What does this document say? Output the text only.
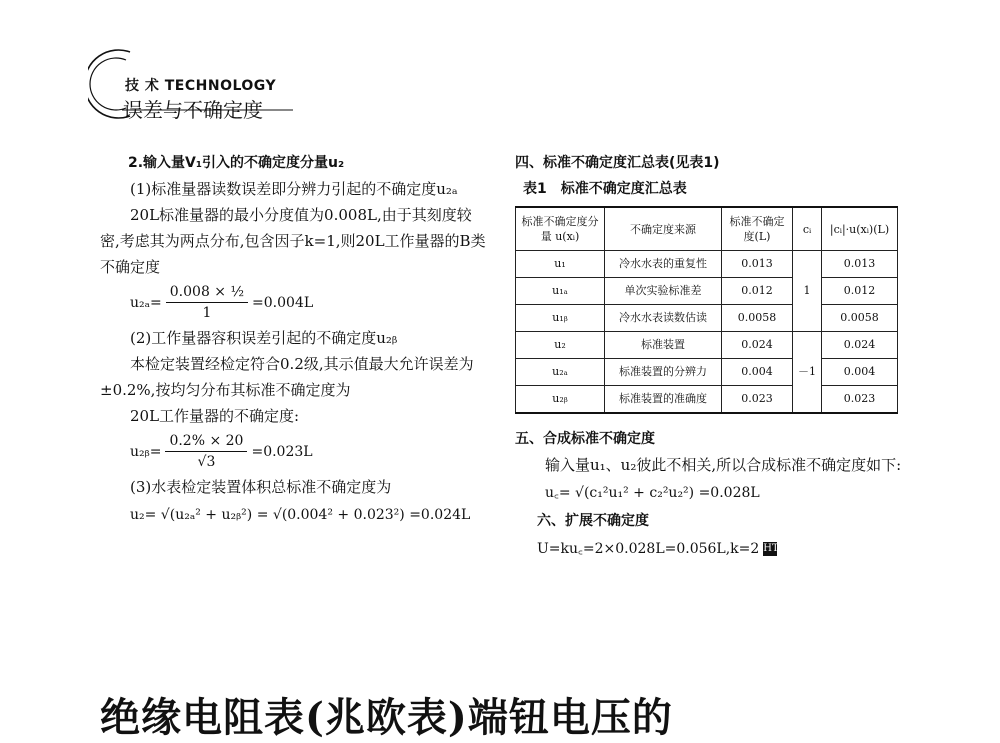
技 术 TECHNOLOGY
误差与不确定度

2.输入量V₁引入的不确定度分量u₂

(1)标准量器读数误差即分辨力引起的不确定度u₂ₐ

20L标准量器的最小分度值为0.008L,由于其刻度较密,考虑其为两点分布,包含因子k=1,则20L工作量器的B类不确定度

$u_{2a}= \frac{\text{0.008 × ½}}{1} =0.004L$

(2)工作量器容积误差引起的不确定度u₂ᵦ

本检定装置经检定符合0.2级,其示值最大允许误差为±0.2%,按均匀分布其标准不确定度为

20L工作量器的不确定度:

u₂ᵦ= $\frac{0.2\% \times 20}{√3} =0.023L$

(3)水表检定装置体积总标准不确定度为

u₂= √(u₂ₐ² + u₂ᵦ²) = √(0.004² + 0.023²) =0.024L

四、标准不确定度汇总表(见表1)

表1　标准不确定度汇总表

标准不确定度分量 u(xᵢ)	不确定度来源	标准不确定度(L)	cᵢ	|cᵢ|·u(xᵢ)(L)
u₁	冷水水表的重复性	0.013	1	0.013
u₁ₐ	单次实验标准差	0.012		0.012
u₁ᵦ	冷水水表读数估读	0.0058		0.0058
u₂	标准装置	0.024	－1	0.024
u₂ₐ	标准装置的分辨力	0.004		0.004
u₂ᵦ	标准装置的准确度	0.023		0.023

五、合成标准不确定度

输入量u₁、u₂彼此不相关,所以合成标准不确定度如下:

u꜀= √(c₁²u₁² + c₂²u₂²) =0.028L

六、扩展不确定度

U=ku꜀=2×0.028L=0.056L,k=2 HT
绝缘电阻表(兆欧表)端钮电压的
